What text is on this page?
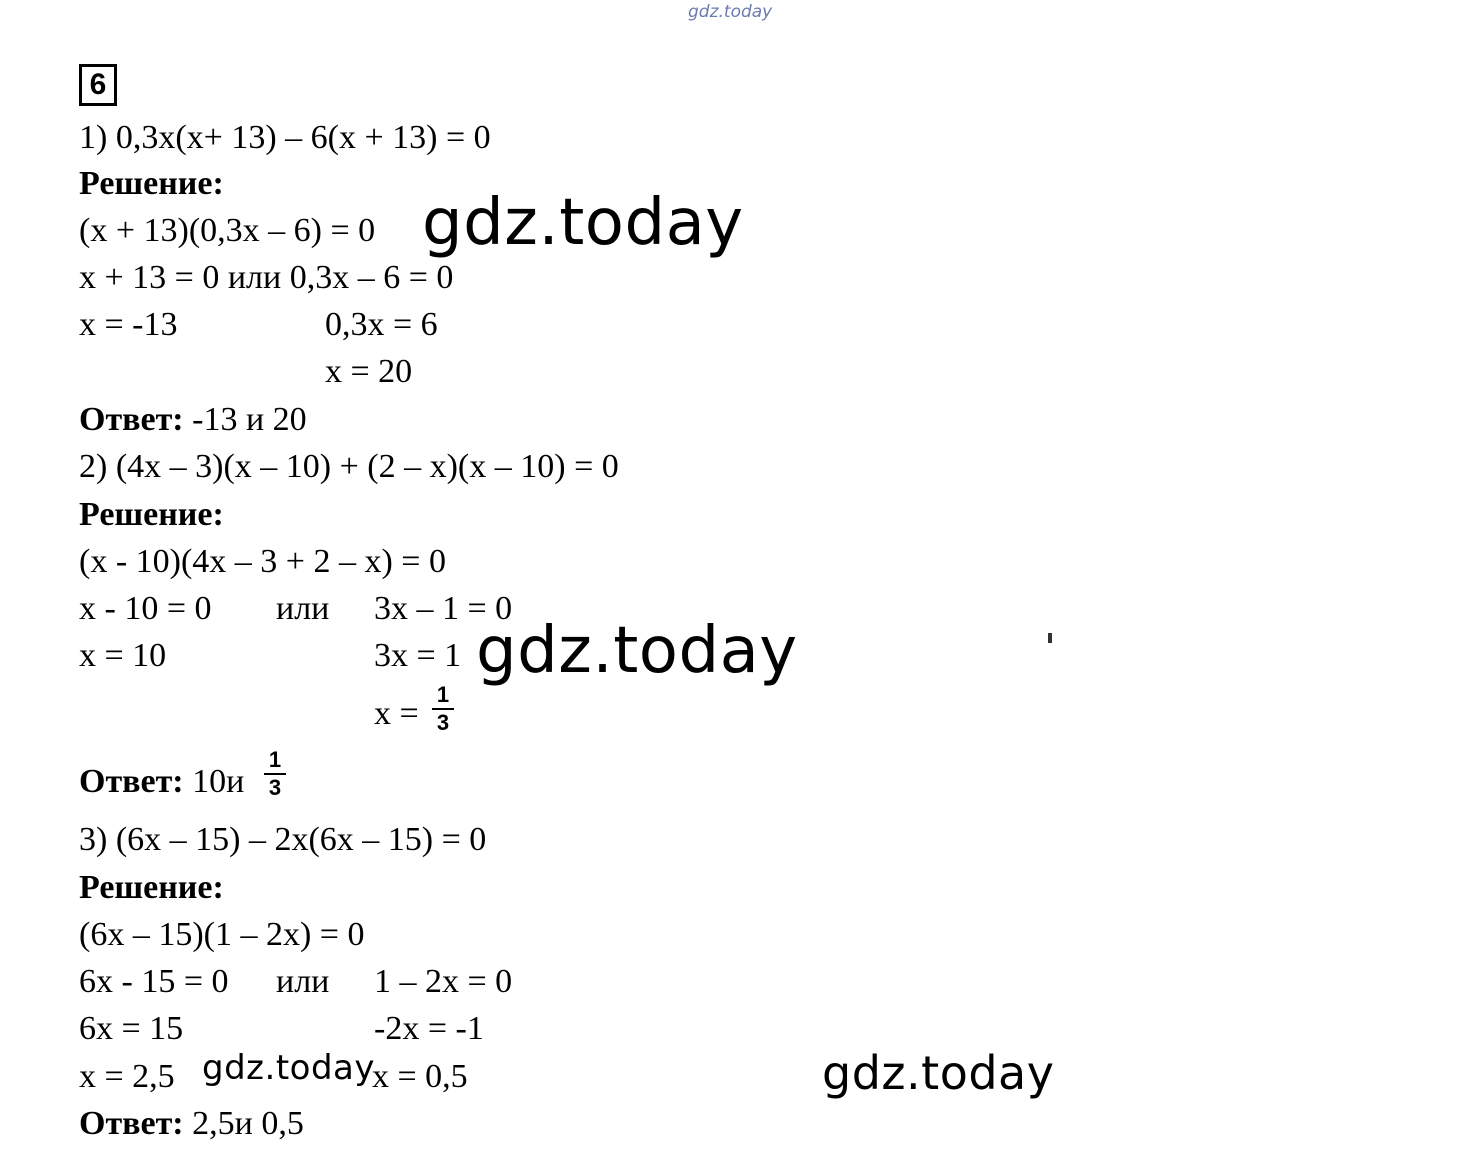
gdz.today
6
1) 0,3x(x+ 13) – 6(x + 13) = 0
Решение:
(x + 13)(0,3x – 6) = 0
x + 13 = 0 или 0,3x – 6 = 0
x = -13	0,3x = 6
x = 20
Ответ: -13 и 20
2) (4x – 3)(x – 10) + (2 – x)(x – 10) = 0
Решение:
(x - 10)(4x – 3 + 2 – x) = 0
x - 10 = 0 или 3x – 1 = 0
x = 10	3x = 1
x =
1
3
Ответ: 10и
1
3
3) (6x – 15) – 2x(6x – 15) = 0
Решение:
(6x – 15)(1 – 2x) = 0
6x - 15 = 0 или 1 – 2x = 0
6x = 15	-2x = -1
x = 2,5	x = 0,5
Ответ: 2,5и 0,5
gdz.today
gdz.today
gdz.today	gdz.today
